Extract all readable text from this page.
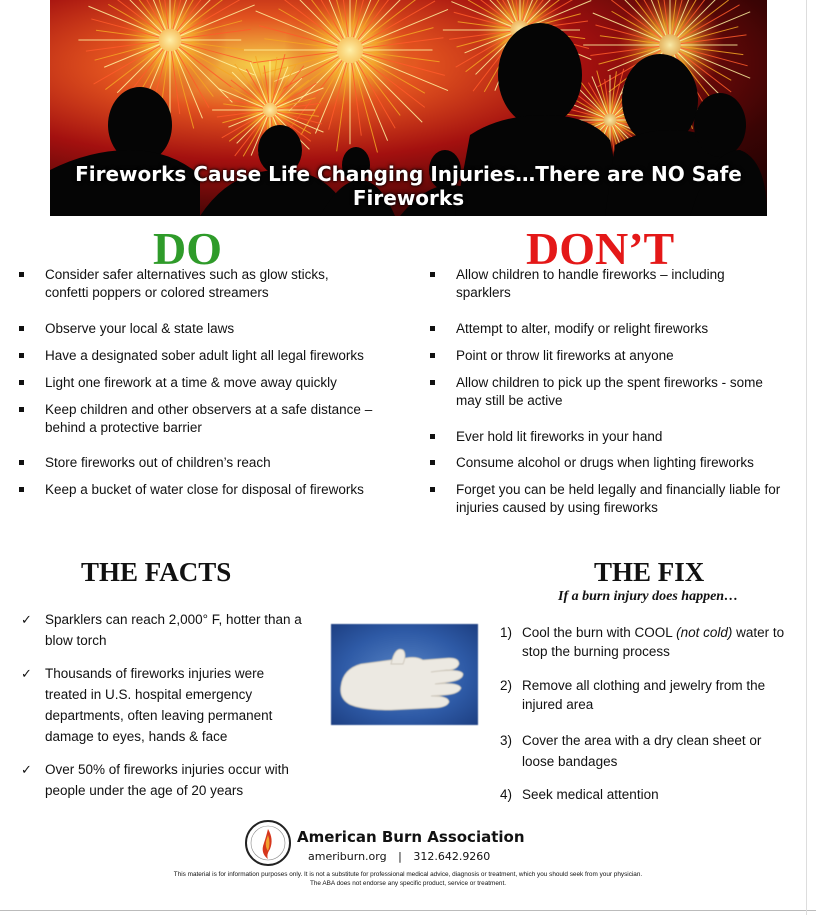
Fireworks Cause Life Changing Injuries…There are NO Safe Fireworks
DO	DON’T
Consider safer alternatives such as glow sticks, confetti poppers or colored streamers
Observe your local & state laws
Have a designated sober adult light all legal fireworks
Light one firework at a time & move away quickly
Keep children and other observers at a safe distance – behind a protective barrier
Store fireworks out of children’s reach
Keep a bucket of water close for disposal of fireworks
Allow children to handle fireworks – including sparklers
Attempt to alter, modify or relight fireworks
Point or throw lit fireworks at anyone
Allow children to pick up the spent fireworks - some may still be active
Ever hold lit fireworks in your hand
Consume alcohol or drugs when lighting fireworks
Forget you can be held legally and financially liable for injuries caused by using fireworks
THE FACTS
✓ Sparklers can reach 2,000° F, hotter than a blow torch
✓ Thousands of fireworks injuries were treated in U.S. hospital emergency departments, often leaving permanent damage to eyes, hands & face
✓ Over 50% of fireworks injuries occur with people under the age of 20 years
THE FIX
If a burn injury does happen…
1) Cool the burn with COOL (not cold) water to stop the burning process
2) Remove all clothing and jewelry from the injured area
3) Cover the area with a dry clean sheet or loose bandages
4) Seek medical attention
American Burn Association
ameriburn.org | 312.642.9260
This material is for information purposes only. It is not a substitute for professional medical advice, diagnosis or treatment, which you should seek from your physician.
The ABA does not endorse any specific product, service or treatment.
